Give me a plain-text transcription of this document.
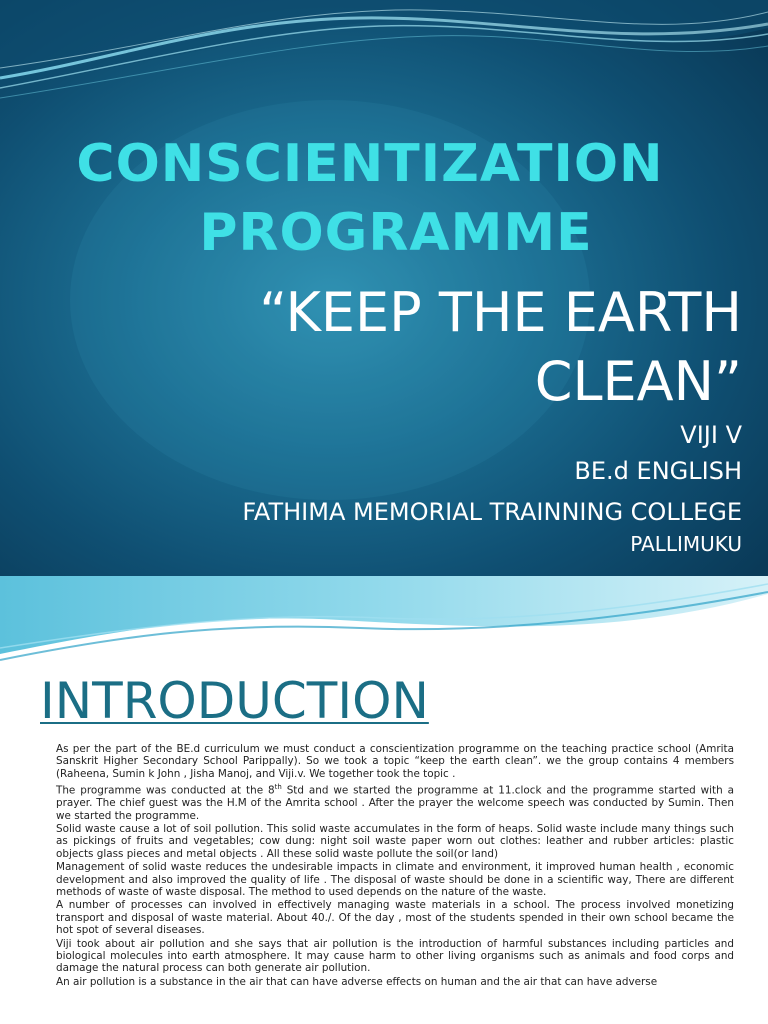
CONSCIENTIZATION
PROGRAMME

“KEEP THE EARTH

CLEAN”

VIJI V

BE.d ENGLISH

FATHIMA MEMORIAL TRAINNING COLLEGE

PALLIMUKU

INTRODUCTION

As per the part of the BE.d curriculum we must conduct a conscientization programme on the teaching practice school (Amrita Sanskrit Higher Secondary School Parippally). So we took a topic “keep the earth clean”. we the group contains 4 members (Raheena, Sumin k John , Jisha Manoj, and Viji.v. We together took the topic .

The programme was conducted at the 8th Std and we started the programme at 11.clock and the programme started with a prayer. The chief guest was the H.M of the Amrita school . After the prayer the welcome speech was conducted by Sumin. Then we started the programme.

Solid waste cause a lot of soil pollution. This solid waste accumulates in the form of heaps. Solid waste include many things such as pickings of fruits and vegetables; cow dung: night soil waste paper worn out clothes: leather and rubber articles: plastic objects glass pieces and metal objects . All these solid waste pollute the soil(or land)

Management of solid waste reduces the undesirable impacts in climate and environment, it improved human health , economic development and also improved the quality of life . The disposal of waste should be done in a scientific way, There are different methods of waste of waste disposal. The method to used depends on the nature of the waste.

A number of processes can involved in effectively managing waste materials in a school. The process involved monetizing transport and disposal of waste material. About 40./. Of the day , most of the students spended in their own school became the hot spot of several diseases.

Viji took about air pollution and she says that air pollution is the introduction of harmful substances including particles and biological molecules into earth atmosphere. It may cause harm to other living organisms such as animals and food corps and damage the natural process can both generate air pollution.

An air pollution is a substance in the air that can have adverse effects on human and the air that can have adverse
